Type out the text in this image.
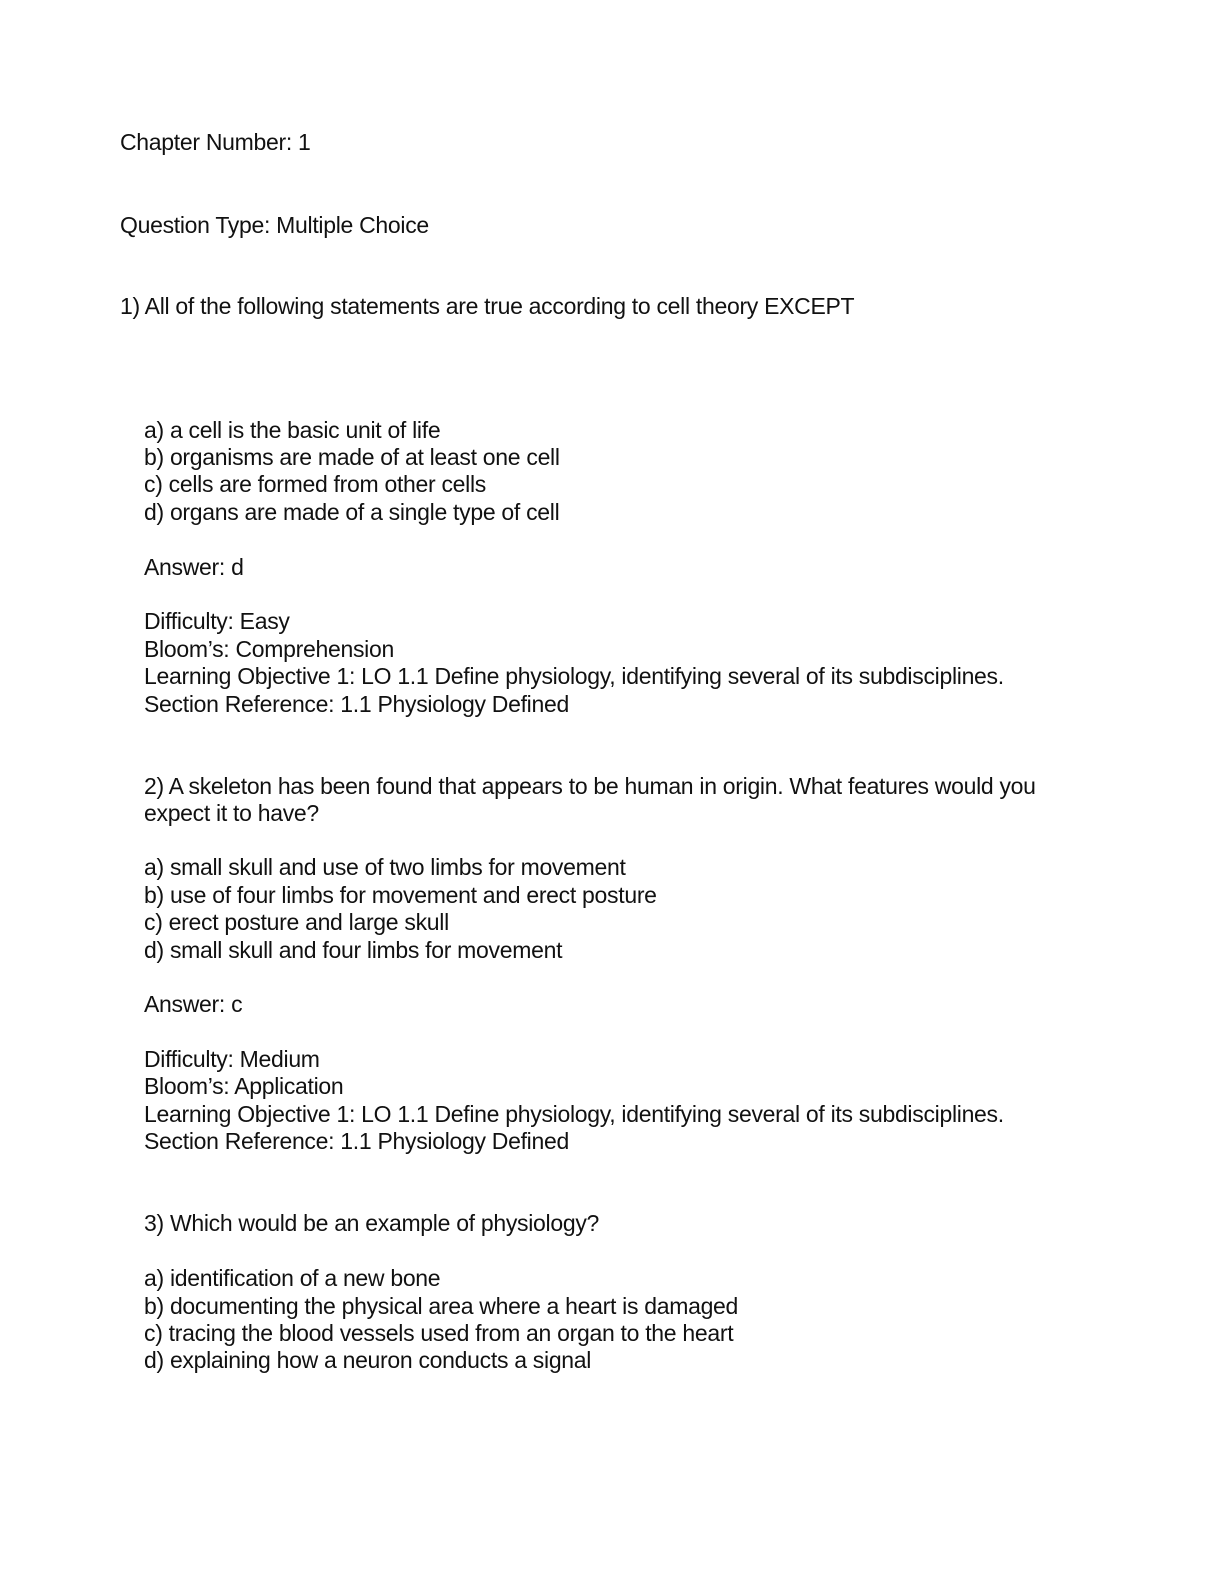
Chapter Number: 1
Question Type: Multiple Choice
1) All of the following statements are true according to cell theory EXCEPT
a) a cell is the basic unit of life
b) organisms are made of at least one cell
c) cells are formed from other cells
d) organs are made of a single type of cell
Answer: d
Difficulty: Easy
Bloom’s: Comprehension
Learning Objective 1: LO 1.1 Define physiology, identifying several of its subdisciplines.
Section Reference: 1.1 Physiology Defined
2) A skeleton has been found that appears to be human in origin. What features would you
expect it to have?
a) small skull and use of two limbs for movement
b) use of four limbs for movement and erect posture
c) erect posture and large skull
d) small skull and four limbs for movement
Answer: c
Difficulty: Medium
Bloom’s: Application
Learning Objective 1: LO 1.1 Define physiology, identifying several of its subdisciplines.
Section Reference: 1.1 Physiology Defined
3) Which would be an example of physiology?
a) identification of a new bone
b) documenting the physical area where a heart is damaged
c) tracing the blood vessels used from an organ to the heart
d) explaining how a neuron conducts a signal
